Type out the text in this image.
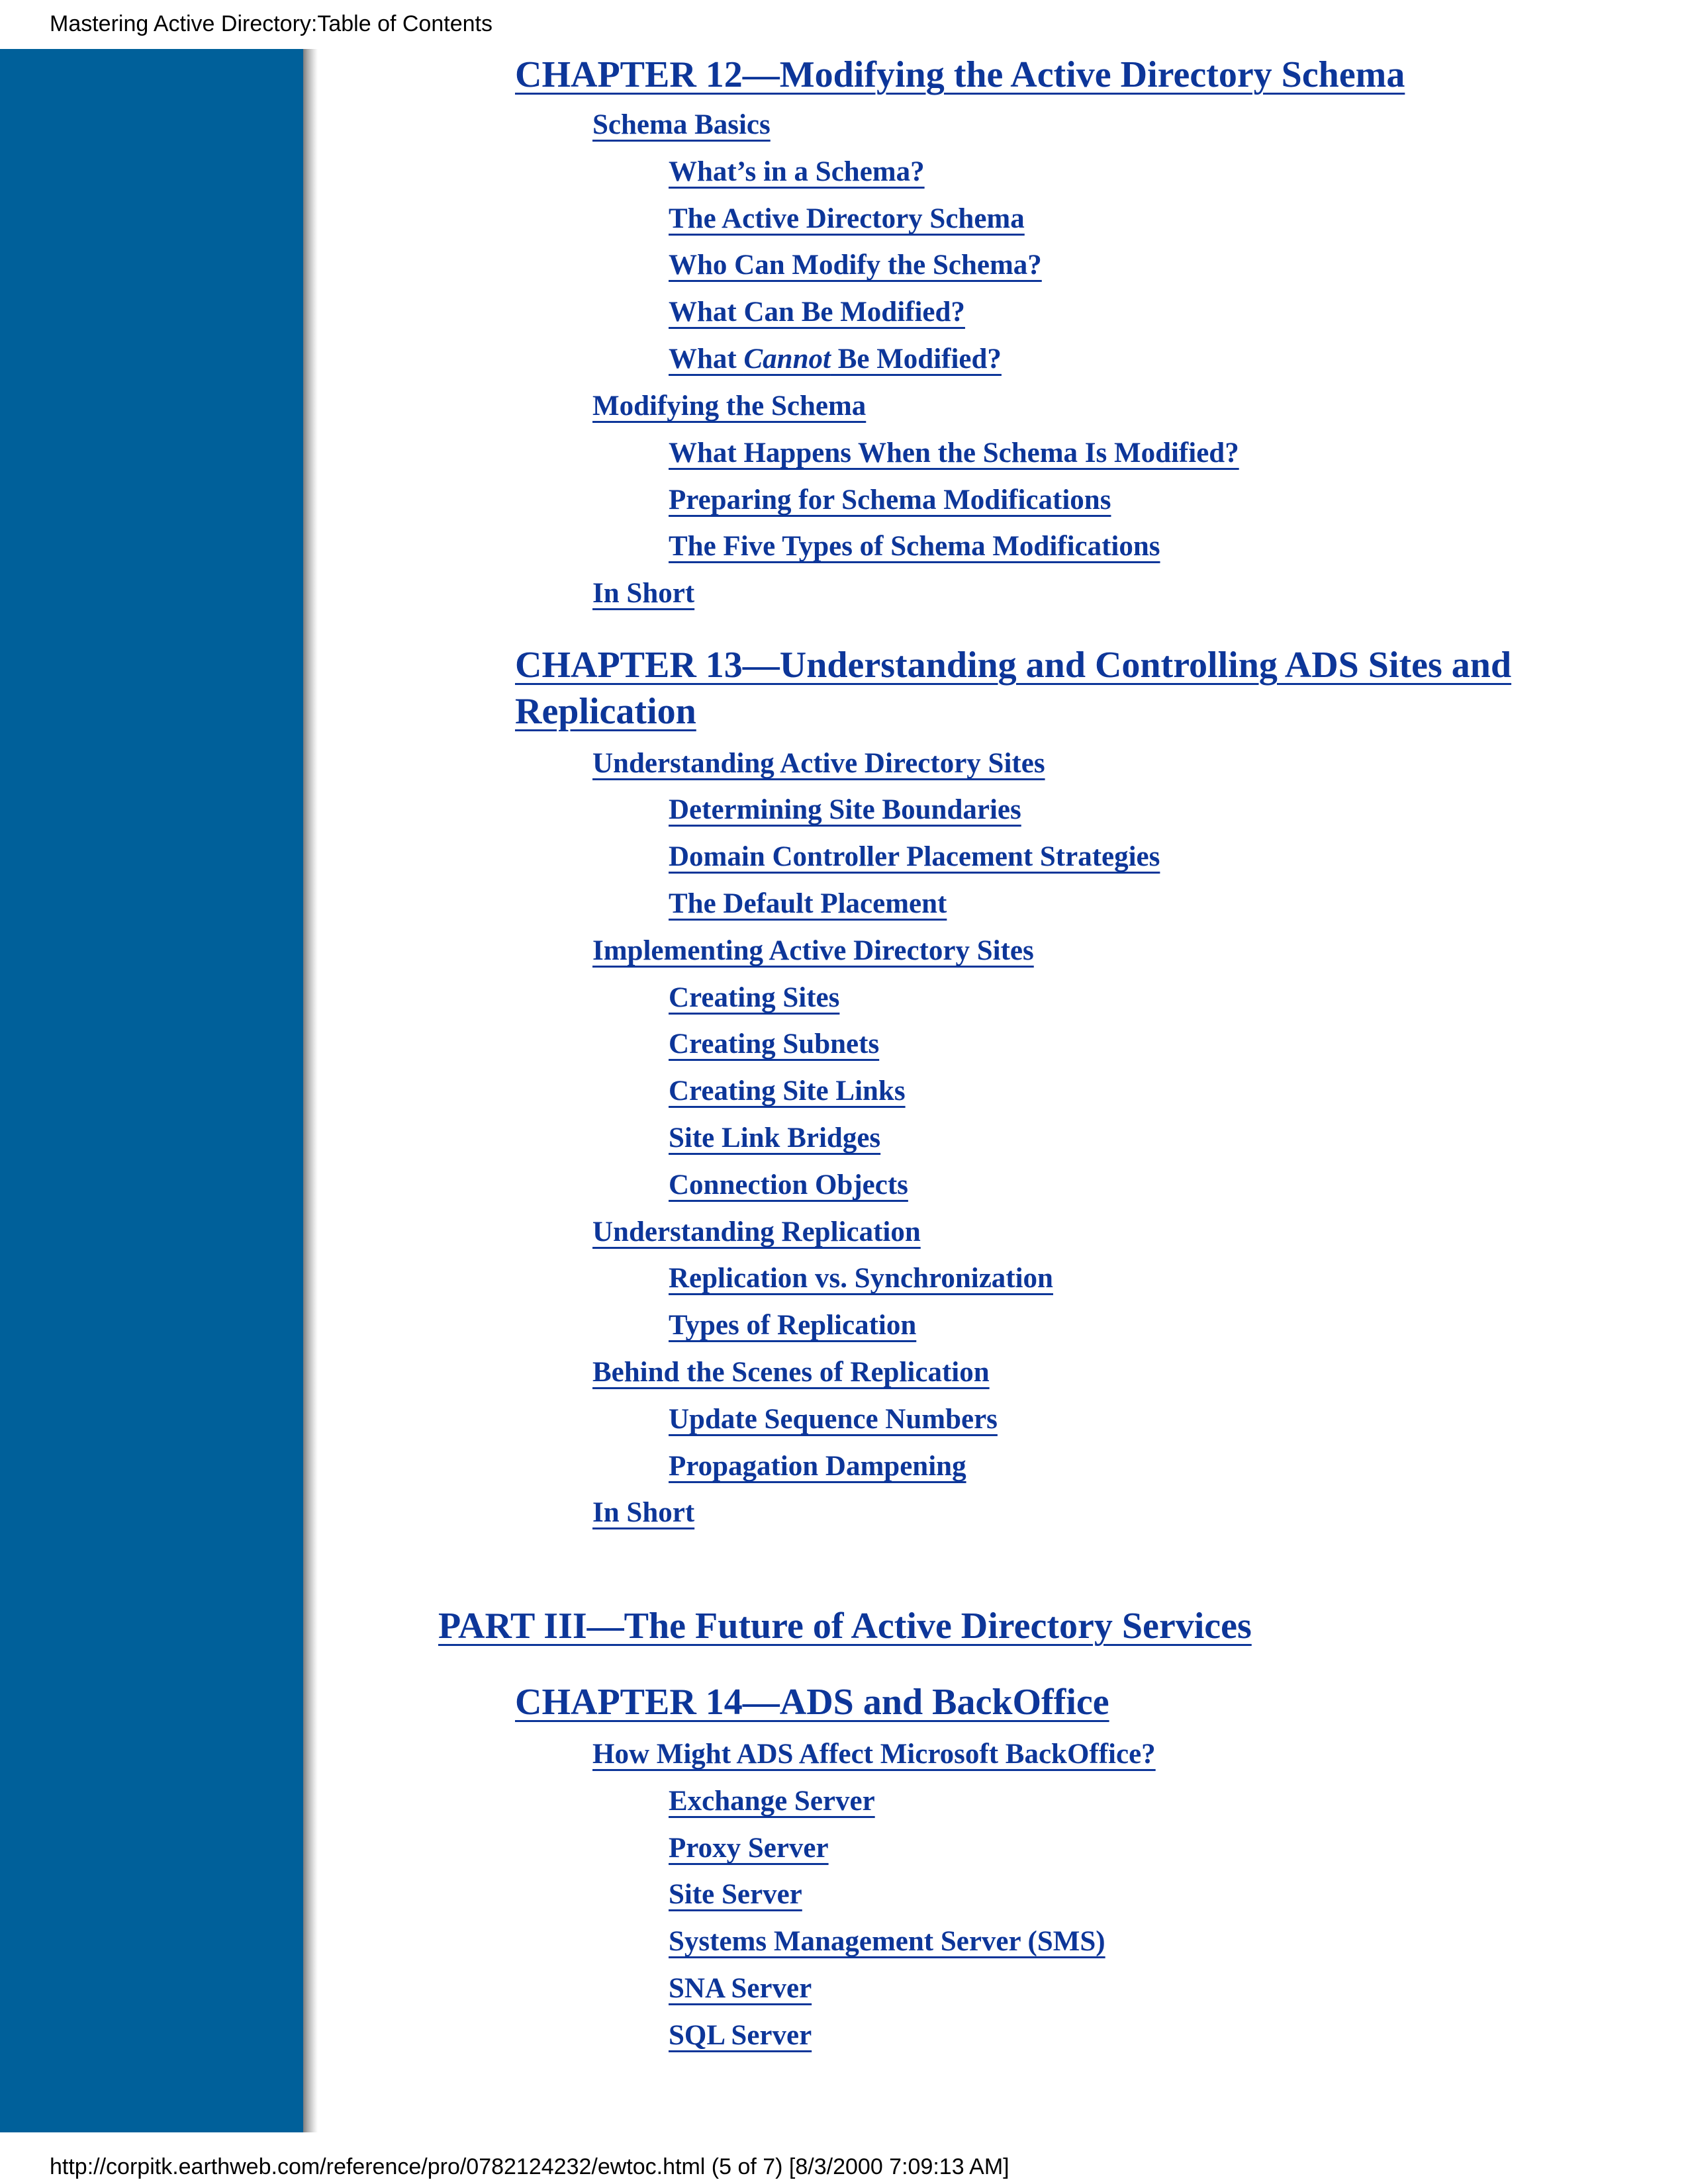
Mastering Active Directory:Table of Contents
CHAPTER 12—Modifying the Active Directory Schema
Schema Basics
What’s in a Schema?
The Active Directory Schema
Who Can Modify the Schema?
What Can Be Modified?
What Cannot Be Modified?
Modifying the Schema
What Happens When the Schema Is Modified?
Preparing for Schema Modifications
The Five Types of Schema Modifications
In Short
CHAPTER 13—Understanding and Controlling ADS Sites and
Replication
Understanding Active Directory Sites
Determining Site Boundaries
Domain Controller Placement Strategies
The Default Placement
Implementing Active Directory Sites
Creating Sites
Creating Subnets
Creating Site Links
Site Link Bridges
Connection Objects
Understanding Replication
Replication vs. Synchronization
Types of Replication
Behind the Scenes of Replication
Update Sequence Numbers
Propagation Dampening
In Short
PART III—The Future of Active Directory Services
CHAPTER 14—ADS and BackOffice
How Might ADS Affect Microsoft BackOffice?
Exchange Server
Proxy Server
Site Server
Systems Management Server (SMS)
SNA Server
SQL Server
http://corpitk.earthweb.com/reference/pro/0782124232/ewtoc.html (5 of 7) [8/3/2000 7:09:13 AM]
